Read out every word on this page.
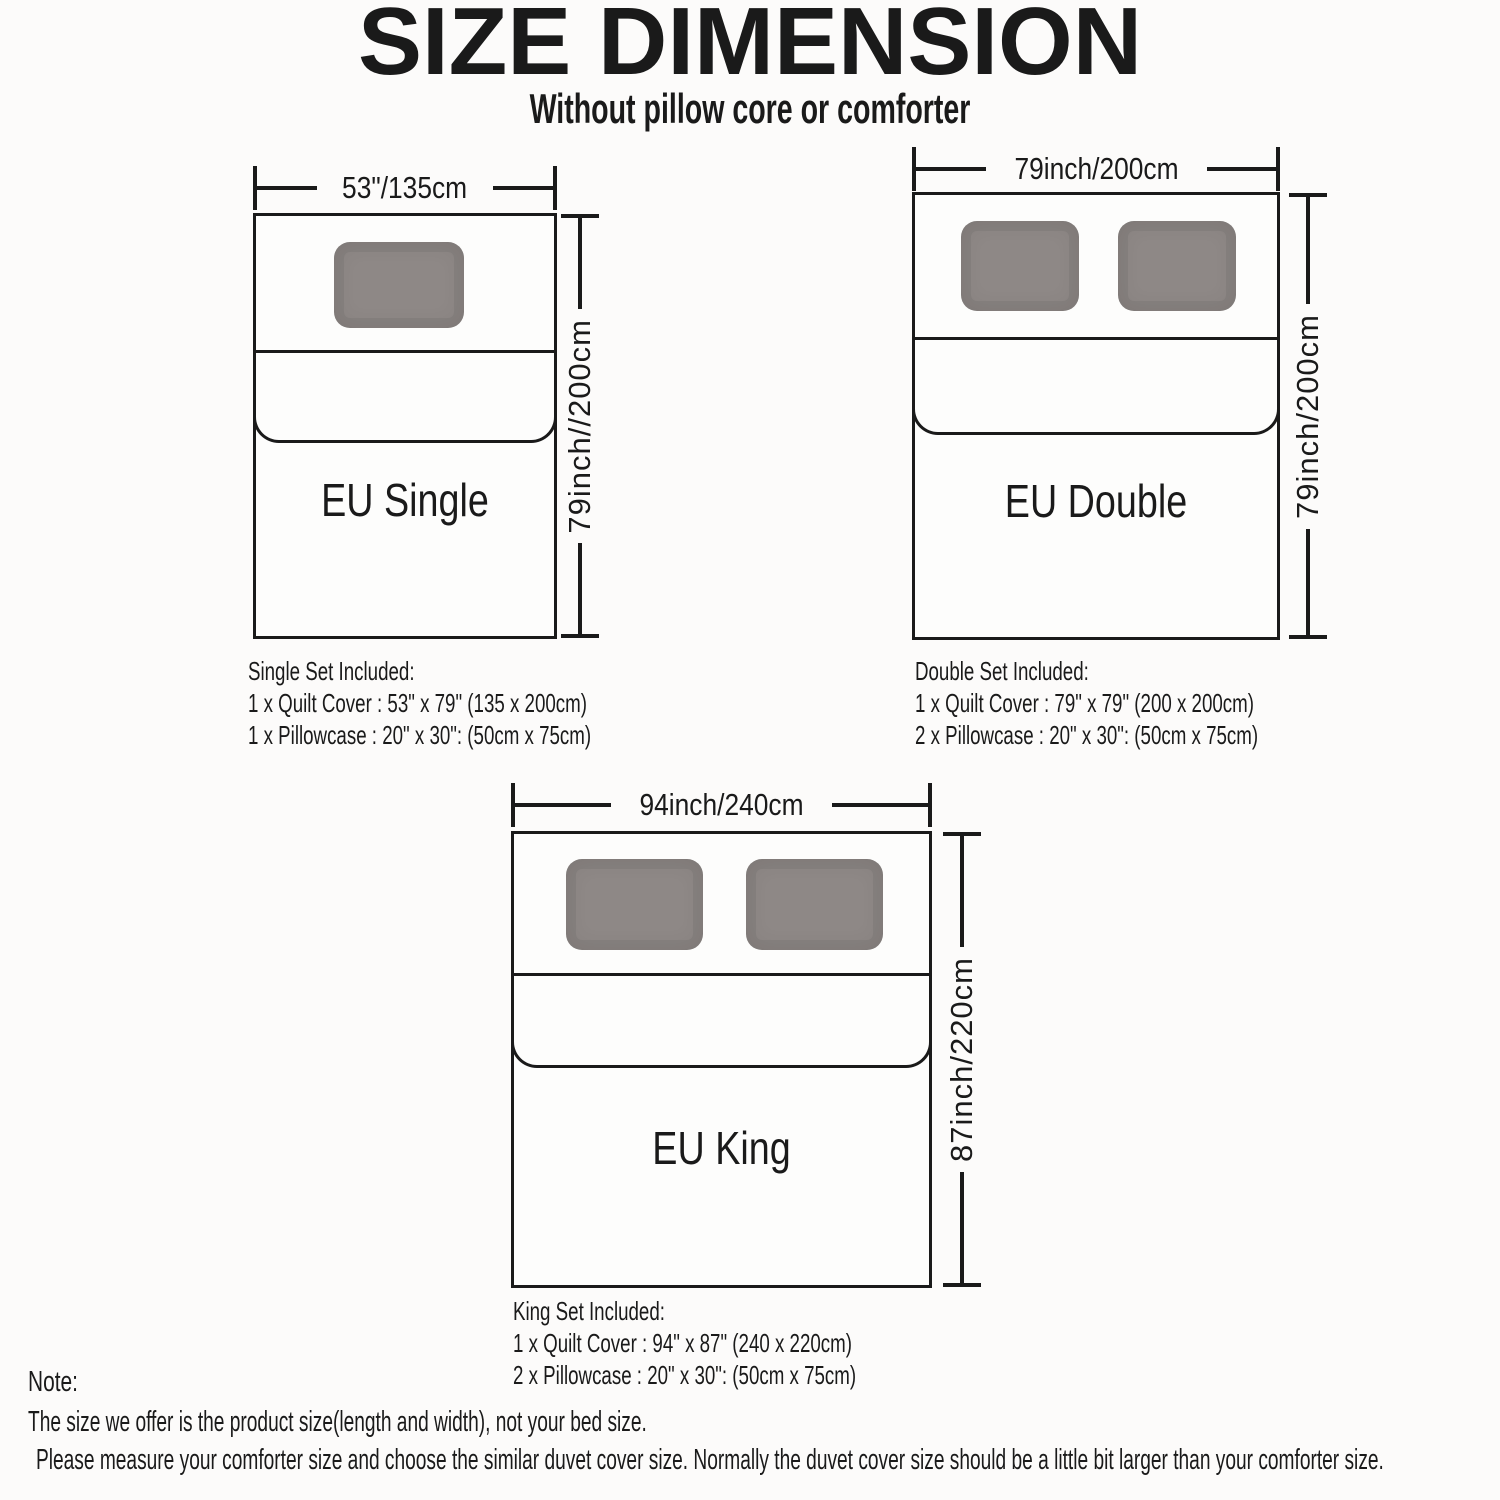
SIZE DIMENSION
Without pillow core or comforter
53"/135cm
EU Single	79inch//200cm
Single Set Included:
1 x Quilt Cover : 53" x 79" (135 x 200cm)
1 x Pillowcase : 20" x 30": (50cm x 75cm)
79inch/200cm
EU Double	79inch/200cm
Double Set Included:
1 x Quilt Cover : 79" x 79" (200 x 200cm)
2 x Pillowcase : 20" x 30": (50cm x 75cm)
94inch/240cm
EU King	87inch/220cm
King Set Included:
1 x Quilt Cover : 94" x 87" (240 x 220cm)
2 x Pillowcase : 20" x 30": (50cm x 75cm)
Note:
The size we offer is the product size(length and width), not your bed size.
Please measure your comforter size and choose the similar duvet cover size. Normally the duvet cover size should be a little bit larger than your comforter size.
